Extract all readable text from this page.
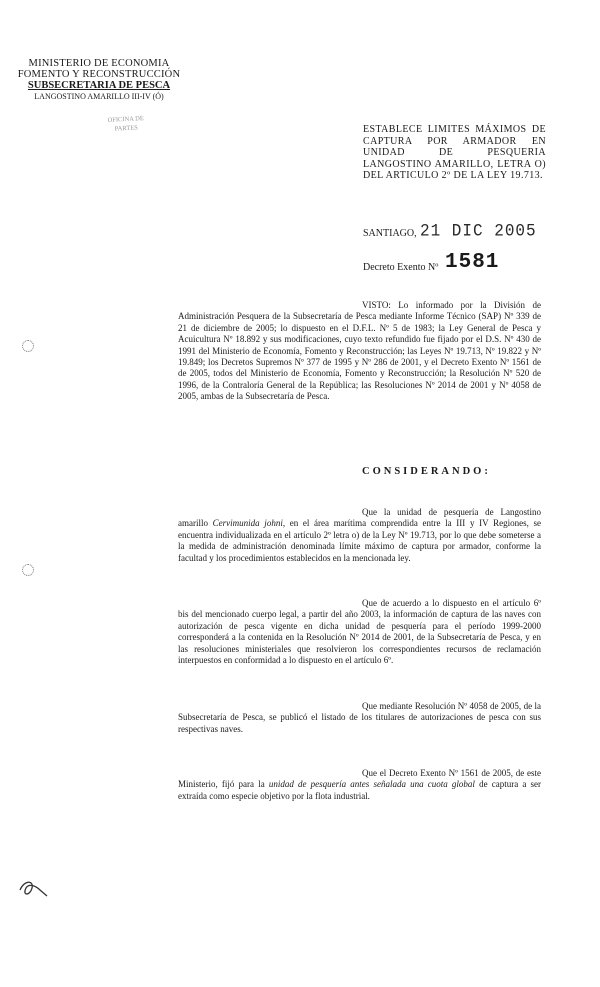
MINISTERIO DE ECONOMIA
FOMENTO Y RECONSTRUCCIÓN
SUBSECRETARIA DE PESCA
LANGOSTINO AMARILLO III-IV (Ó)
OFICINA DE
PARTES	ESTABLECE LIMITES MÁXIMOS DE CAPTURA POR ARMADOR EN UNIDAD DE PESQUERIA LANGOSTINO AMARILLO, LETRA O) DEL ARTICULO 2º DE LA LEY 19.713.
SANTIAGO, 21 DIC 2005
Decreto Exento Nº 1581
VISTO: Lo informado por la División de Administración Pesquera de la Subsecretaría de Pesca mediante Informe Técnico (SAP) Nº 339 de 21 de diciembre de 2005; lo dispuesto en el D.F.L. Nº 5 de 1983; la Ley General de Pesca y Acuicultura Nº 18.892 y sus modificaciones, cuyo texto refundido fue fijado por el D.S. Nº 430 de 1991 del Ministerio de Economía, Fomento y Reconstrucción; las Leyes Nº 19.713, Nº 19.822 y Nº 19.849; los Decretos Supremos Nº 377 de 1995 y Nº 286 de 2001, y el Decreto Exento Nº 1561 de de 2005, todos del Ministerio de Economía, Fomento y Reconstrucción; la Resolución Nº 520 de 1996, de la Contraloría General de la República; las Resoluciones Nº 2014 de 2001 y Nº 4058 de 2005, ambas de la Subsecretaría de Pesca.
CONSIDERANDO:
Que la unidad de pesquería de Langostino amarillo Cervimunida johni, en el área marítima comprendida entre la III y IV Regiones, se encuentra individualizada en el artículo 2º letra o) de la Ley Nº 19.713, por lo que debe someterse a la medida de administración denominada límite máximo de captura por armador, conforme la facultad y los procedimientos establecidos en la mencionada ley.
Que de acuerdo a lo dispuesto en el artículo 6º bis del mencionado cuerpo legal, a partir del año 2003, la información de captura de las naves con autorización de pesca vigente en dicha unidad de pesquería para el período 1999-2000 corresponderá a la contenida en la Resolución Nº 2014 de 2001, de la Subsecretaría de Pesca, y en las resoluciones ministeriales que resolvieron los correspondientes recursos de reclamación interpuestos en conformidad a lo dispuesto en el artículo 6º.
Que mediante Resolución Nº 4058 de 2005, de la Subsecretaría de Pesca, se publicó el listado de los titulares de autorizaciones de pesca con sus respectivas naves.
Que el Decreto Exento Nº 1561 de 2005, de este Ministerio, fijó para la unidad de pesquería antes señalada una cuota global de captura a ser extraída como especie objetivo por la flota industrial.
